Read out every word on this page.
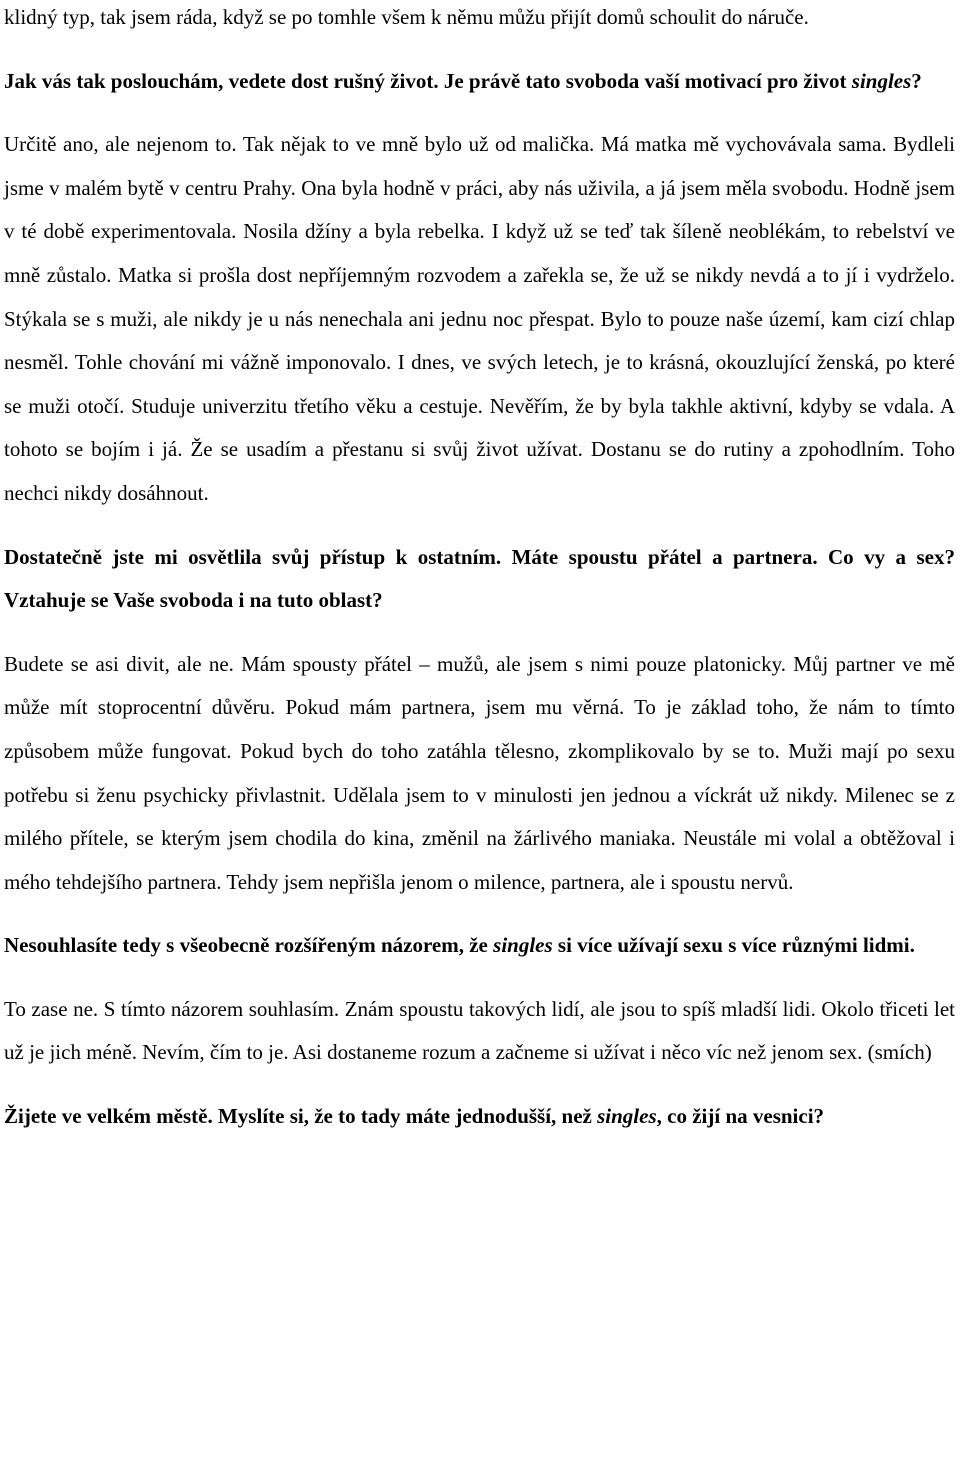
klidný typ, tak jsem ráda, když se po tomhle všem k němu můžu přijít domů schoulit do náruče.

Jak vás tak poslouchám, vedete dost rušný život. Je právě tato svoboda vaší motivací pro život singles?

Určitě ano, ale nejenom to. Tak nějak to ve mně bylo už od malička. Má matka mě vychovávala sama. Bydleli jsme v malém bytě v centru Prahy. Ona byla hodně v práci, aby nás uživila, a já jsem měla svobodu. Hodně jsem v té době experimentovala. Nosila džíny a byla rebelka. I když už se teď tak šíleně neoblékám, to rebelství ve mně zůstalo. Matka si prošla dost nepříjemným rozvodem a zařekla se, že už se nikdy nevdá a to jí i vydrželo. Stýkala se s muži, ale nikdy je u nás nenechala ani jednu noc přespat. Bylo to pouze naše území, kam cizí chlap nesměl. Tohle chování mi vážně imponovalo. I dnes, ve svých letech, je to krásná, okouzlující ženská, po které se muži otočí. Studuje univerzitu třetího věku a cestuje. Nevěřím, že by byla takhle aktivní, kdyby se vdala. A tohoto se bojím i já. Že se usadím a přestanu si svůj život užívat. Dostanu se do rutiny a zpohodlním. Toho nechci nikdy dosáhnout.

Dostatečně jste mi osvětlila svůj přístup k ostatním. Máte spoustu přátel a partnera. Co vy a sex? Vztahuje se Vaše svoboda i na tuto oblast?

Budete se asi divit, ale ne. Mám spousty přátel – mužů, ale jsem s nimi pouze platonicky. Můj partner ve mě může mít stoprocentní důvěru. Pokud mám partnera, jsem mu věrná. To je základ toho, že nám to tímto způsobem může fungovat. Pokud bych do toho zatáhla tělesno, zkomplikovalo by se to. Muži mají po sexu potřebu si ženu psychicky přivlastnit. Udělala jsem to v minulosti jen jednou a víckrát už nikdy. Milenec se z milého přítele, se kterým jsem chodila do kina, změnil na žárlivého maniaka. Neustále mi volal a obtěžoval i mého tehdejšího partnera. Tehdy jsem nepřišla jenom o milence, partnera, ale i spoustu nervů.

Nesouhlasíte tedy s všeobecně rozšířeným názorem, že singles si více užívají sexu s více různými lidmi.

To zase ne. S tímto názorem souhlasím. Znám spoustu takových lidí, ale jsou to spíš mladší lidi. Okolo třiceti let už je jich méně. Nevím, čím to je. Asi dostaneme rozum a začneme si užívat i něco víc než jenom sex. (smích)

Žijete ve velkém městě. Myslíte si, že to tady máte jednodušší, než singles, co žijí na vesnici?
